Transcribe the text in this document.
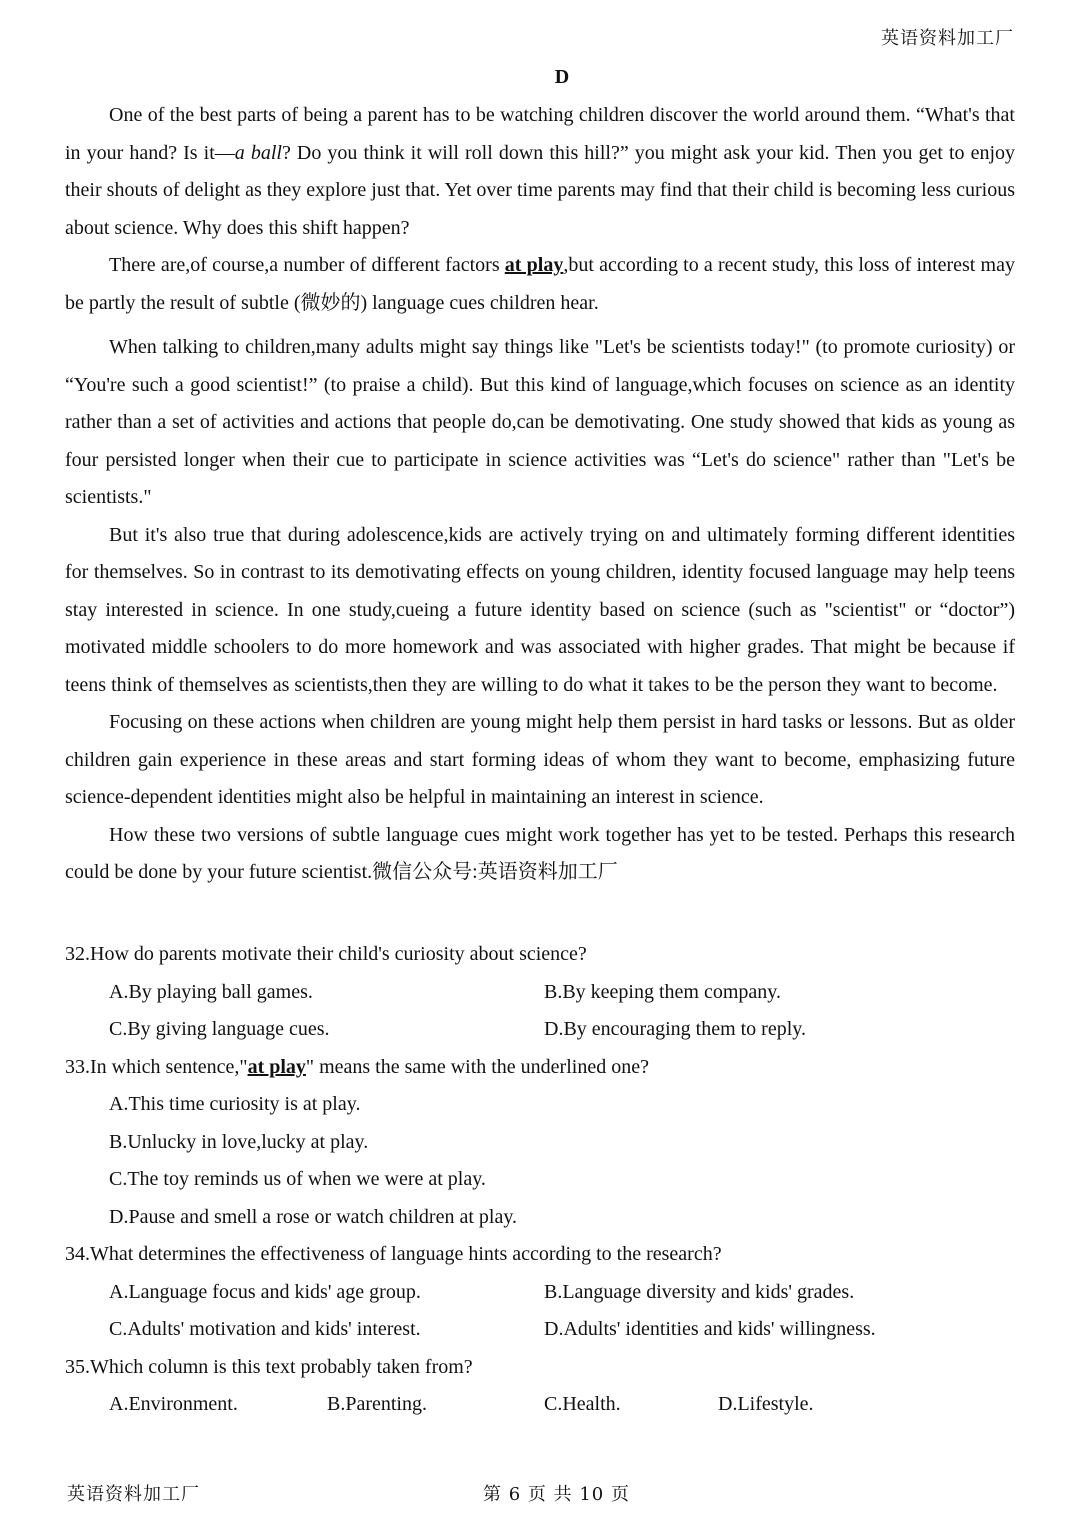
英语资料加工厂
D

One of the best parts of being a parent has to be watching children discover the world around them. “What's that in your hand? Is it—a ball? Do you think it will roll down this hill?” you might ask your kid. Then you get to enjoy their shouts of delight as they explore just that. Yet over time parents may find that their child is becoming less curious about science. Why does this shift happen?

There are,of course,a number of different factors at play,but according to a recent study, this loss of interest may be partly the result of subtle (微妙的) language cues children hear.

When talking to children,many adults might say things like "Let's be scientists today!" (to promote curiosity) or “You're such a good scientist!” (to praise a child). But this kind of language,which focuses on science as an identity rather than a set of activities and actions that people do,can be demotivating. One study showed that kids as young as four persisted longer when their cue to participate in science activities was “Let's do science" rather than "Let's be scientists."

But it's also true that during adolescence,kids are actively trying on and ultimately forming different identities for themselves. So in contrast to its demotivating effects on young children, identity focused language may help teens stay interested in science. In one study,cueing a future identity based on science (such as "scientist" or “doctor”) motivated middle schoolers to do more homework and was associated with higher grades. That might be because if teens think of themselves as scientists,then they are willing to do what it takes to be the person they want to become.

Focusing on these actions when children are young might help them persist in hard tasks or lessons. But as older children gain experience in these areas and start forming ideas of whom they want to become, emphasizing future science-dependent identities might also be helpful in maintaining an interest in science.

How these two versions of subtle language cues might work together has yet to be tested. Perhaps this research could be done by your future scientist.微信公众号:英语资料加工厂

32.How do parents motivate their child's curiosity about science?
A.By playing ball games.	B.By keeping them company.
C.By giving language cues.	D.By encouraging them to reply.
33.In which sentence,"at play" means the same with the underlined one?
A.This time curiosity is at play.
B.Unlucky in love,lucky at play.
C.The toy reminds us of when we were at play.
D.Pause and smell a rose or watch children at play.
34.What determines the effectiveness of language hints according to the research?
A.Language focus and kids' age group.	B.Language diversity and kids' grades.
C.Adults' motivation and kids' interest.	D.Adults' identities and kids' willingness.
35.Which column is this text probably taken from?
A.Environment.	B.Parenting.	C.Health.	D.Lifestyle.
英语资料加工厂	第 6 页 共 10 页
